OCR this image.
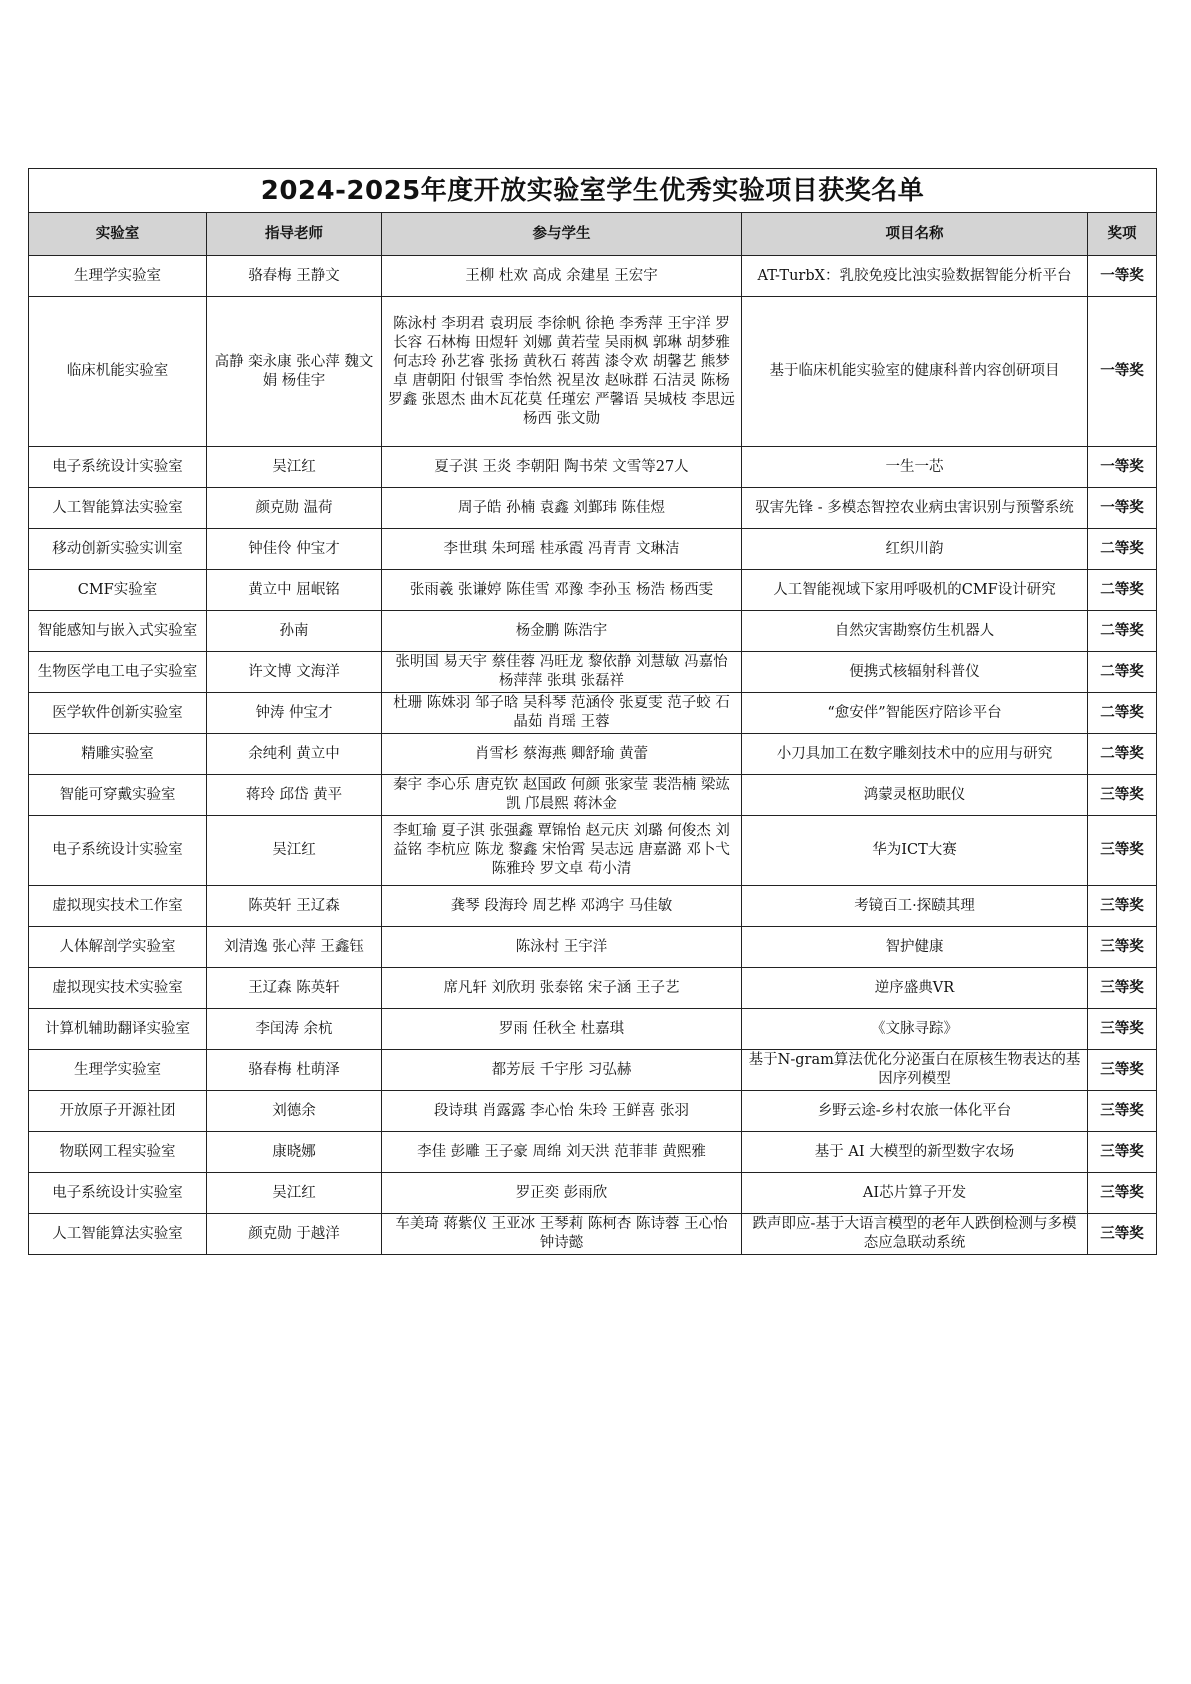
2024-2025年度开放实验室学生优秀实验项目获奖名单				
实验室	指导老师	参与学生	项目名称	奖项
生理学实验室	骆春梅 王静文	王柳 杜欢 高成 余建星 王宏宇	AT-TurbX：乳胶免疫比浊实验数据智能分析平台	一等奖
临床机能实验室	高静 栾永康 张心萍 魏文娟 杨佳宇	陈泳村 李玥君 袁玥辰 李徐帆 徐艳 李秀萍 王宇洋 罗长容 石林梅 田煜轩 刘娜 黄若莹 吴雨枫 郭琳 胡梦雅 何志玲 孙艺睿 张扬 黄秋石 蒋茜 漆令欢 胡馨艺 熊梦卓 唐朝阳 付银雪 李怡然 祝星汝 赵咏群 石洁灵 陈杨 罗鑫 张恩杰 曲木瓦花莫 任瑾宏 严馨语 吴城枝 李思远 杨西 张文勋	基于临床机能实验室的健康科普内容创研项目	一等奖
电子系统设计实验室	吴江红	夏子淇 王炎 李朝阳 陶书荣 文雪等27人	一生一芯	一等奖
人工智能算法实验室	颜克勋 温荷	周子皓 孙楠 袁鑫 刘鄞玮 陈佳煜	驭害先锋 - 多模态智控农业病虫害识别与预警系统	一等奖
移动创新实验实训室	钟佳伶 仲宝才	李世琪 朱珂瑶 桂承霞 冯青青 文琳洁	红织川韵	二等奖
CMF实验室	黄立中 屈岷铭	张雨羲 张谦婷 陈佳雪 邓豫 李孙玉 杨浩 杨西雯	人工智能视域下家用呼吸机的CMF设计研究	二等奖
智能感知与嵌入式实验室	孙南	杨金鹏 陈浩宇	自然灾害勘察仿生机器人	二等奖
生物医学电工电子实验室	许文博 文海洋	张明国 易天宇 蔡佳蓉 冯旺龙 黎依静 刘慧敏 冯嘉怡 杨萍萍 张琪 张磊祥	便携式核辐射科普仪	二等奖
医学软件创新实验室	钟涛 仲宝才	杜珊 陈姝羽 邹子晗 吴科琴 范涵伶 张夏雯 范子蛟 石晶茹 肖瑶 王蓉	“愈安伴”智能医疗陪诊平台	二等奖
精雕实验室	余纯利 黄立中	肖雪杉 蔡海燕 卿舒瑜 黄蕾	小刀具加工在数字雕刻技术中的应用与研究	二等奖
智能可穿戴实验室	蒋玲 邱岱 黄平	秦宇 李心乐 唐克钦 赵国政 何颜 张家莹 裴浩楠 梁竑凯 邝晨熙 蒋沐金	鸿蒙灵枢助眠仪	三等奖
电子系统设计实验室	吴江红	李虹瑜 夏子淇 张强鑫 覃锦怡 赵元庆 刘璐 何俊杰 刘益铭 李杭应 陈龙 黎鑫 宋怡霄 吴志远 唐嘉潞 邓卜弋 陈雅玲 罗文卓 苟小清	华为ICT大赛	三等奖
虚拟现实技术工作室	陈英轩 王辽森	龚琴 段海玲 周艺桦 邓鸿宇 马佳敏	考镜百工·探赜其理	三等奖
人体解剖学实验室	刘清逸 张心萍 王鑫钰	陈泳村 王宇洋	智护健康	三等奖
虚拟现实技术实验室	王辽森 陈英轩	席凡轩 刘欣玥 张泰铭 宋子涵 王子艺	逆序盛典VR	三等奖
计算机辅助翻译实验室	李闰涛 余杭	罗雨 任秋全 杜嘉琪	《文脉寻踪》	三等奖
生理学实验室	骆春梅 杜萌泽	都芳辰 千宇彤 习弘赫	基于N-gram算法优化分泌蛋白在原核生物表达的基因序列模型	三等奖
开放原子开源社团	刘德余	段诗琪 肖露露 李心怡 朱玲 王鲜喜 张羽	乡野云途-乡村农旅一体化平台	三等奖
物联网工程实验室	康晓娜	李佳 彭雕 王子豪 周绵 刘天洪 范菲菲 黄熙雅	基于 AI 大模型的新型数字农场	三等奖
电子系统设计实验室	吴江红	罗正奕 彭雨欣	AI芯片算子开发	三等奖
人工智能算法实验室	颜克勋 于越洋	车美琦 蒋紫仪 王亚冰 王琴莉 陈柯杏 陈诗蓉 王心怡 钟诗懿	跌声即应-基于大语言模型的老年人跌倒检测与多模态应急联动系统	三等奖
